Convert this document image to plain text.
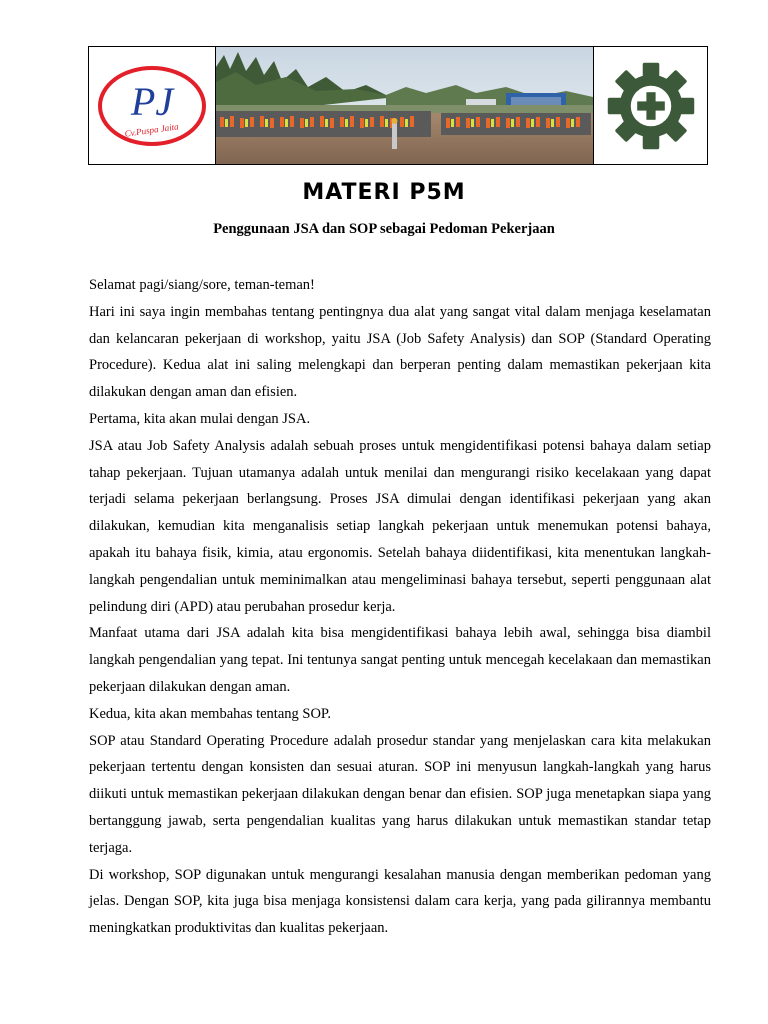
PJ
Cv.Puspa Jaita
MATERI P5M

Penggunaan JSA dan SOP sebagai Pedoman Pekerjaan

Selamat pagi/siang/sore, teman-teman!

Hari ini saya ingin membahas tentang pentingnya dua alat yang sangat vital dalam menjaga keselamatan dan kelancaran pekerjaan di workshop, yaitu JSA (Job Safety Analysis) dan SOP (Standard Operating Procedure). Kedua alat ini saling melengkapi dan berperan penting dalam memastikan pekerjaan kita dilakukan dengan aman dan efisien.

Pertama, kita akan mulai dengan JSA.

JSA atau Job Safety Analysis adalah sebuah proses untuk mengidentifikasi potensi bahaya dalam setiap tahap pekerjaan. Tujuan utamanya adalah untuk menilai dan mengurangi risiko kecelakaan yang dapat terjadi selama pekerjaan berlangsung. Proses JSA dimulai dengan identifikasi pekerjaan yang akan dilakukan, kemudian kita menganalisis setiap langkah pekerjaan untuk menemukan potensi bahaya, apakah itu bahaya fisik, kimia, atau ergonomis. Setelah bahaya diidentifikasi, kita menentukan langkah-langkah pengendalian untuk meminimalkan atau mengeliminasi bahaya tersebut, seperti penggunaan alat pelindung diri (APD) atau perubahan prosedur kerja.

Manfaat utama dari JSA adalah kita bisa mengidentifikasi bahaya lebih awal, sehingga bisa diambil langkah pengendalian yang tepat. Ini tentunya sangat penting untuk mencegah kecelakaan dan memastikan pekerjaan dilakukan dengan aman.

Kedua, kita akan membahas tentang SOP.

SOP atau Standard Operating Procedure adalah prosedur standar yang menjelaskan cara kita melakukan pekerjaan tertentu dengan konsisten dan sesuai aturan. SOP ini menyusun langkah-langkah yang harus diikuti untuk memastikan pekerjaan dilakukan dengan benar dan efisien. SOP juga menetapkan siapa yang bertanggung jawab, serta pengendalian kualitas yang harus dilakukan untuk memastikan standar tetap terjaga.

Di workshop, SOP digunakan untuk mengurangi kesalahan manusia dengan memberikan pedoman yang jelas. Dengan SOP, kita juga bisa menjaga konsistensi dalam cara kerja, yang pada gilirannya membantu meningkatkan produktivitas dan kualitas pekerjaan.
